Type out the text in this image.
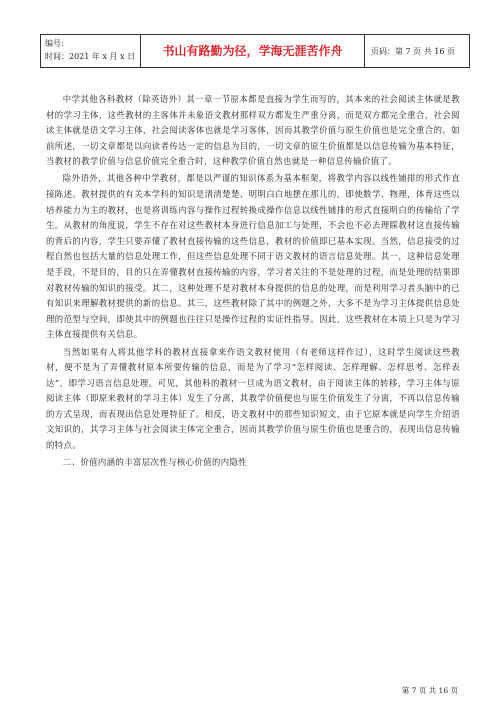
编号:
时间：2021 年 x 月 x 日	书山有路勤为径，学海无涯苦作舟	页码：第 7 页 共 16 页

中学其他各科教材（除英语外）其一章一节原本都是直接为学生而写的，其本来的社会阅读主体就是教材的学习主体，这些教材的主客体并未象语文教材那样双方都发生严重分离，而是双方都完全重合，社会阅读主体就是语文学习主体，社会阅读客体也就是学习客体，因而其教学价值与原生价值也是完全重合的。如前所述，一切文章都是以向读者传达一定的信息为目的，一切文章的原生价值都是以信息传输为基本特征，当教材的教学价值与信息价值完全重合时，这种教学价值自然也就是一种信息传输价值了。

除外语外，其他各种中学教材，都是以严谨的知识体系为基本框架，将教学内容以线性铺排的形式作直接陈述。教材提供的有关本学科的知识是清清楚楚、明明白白地摆在那儿的，即使数学、物理，体育这些以培养能力为主的教材，也是将训练内容与操作过程转换成操作信息以线性铺排的形式直接明白的传输给了学生。从教材的角度说，学生不存在对这些教材本身进行信息加工与处理，不会也不必去理睬教材这直接传输的背后的内容，学生只要弄懂了教材直接传输的这些信息，教材的价值即已基本实现。当然，信息接受的过程自然也包括大量的信息处理工作，但这些信息处理不同于语文教材的语言信息处理。其一，这种信息处理是手段，不是目的，目的只在弄懂教材直接传输的内容，学习者关注的不是处理的过程，而是处理的结果即对教材传输的知识的接受。其二，这种处理不是对教材本身提供的信息的处理，而是利用学习者头脑中的已有知识来理解教材提供的新的信息。其三，这些教材除了其中的例题之外，大多不是为学习主体提供信息处理的范型与空间，即使其中的例题也往往只是操作过程的实证性指导。因此，这些教材在本质上只是为学习主体直接提供有关信息。

当然如果有人将其他学科的教材直接拿来作语文教材使用（有老师这样作过），这时学生阅读这些教材，便不是为了弄懂教材原本所要传输的信息，而是为了学习“怎样阅读、怎样理解、怎样思考、怎样表达”，即学习语言信息处理。可见，其他科的教材一旦成为语文教材，由于阅读主体的转移，学习主体与原阅读主体（即原来教材的学习主体）发生了分离，其教学价值便也与原生价值发生了分离，不再以信息传输的方式呈现，而表现出信息处理特征了。相反，语文教材中的那些知识短文，由于它原本就是向学生介绍语文知识的，其学习主体与社会阅读主体完全重合，因而其教学价值与原生价值也是重合的，表现出信息传输的特点。

二、价值内涵的丰富层次性与核心价值的内隐性

第 7 页 共 16 页
